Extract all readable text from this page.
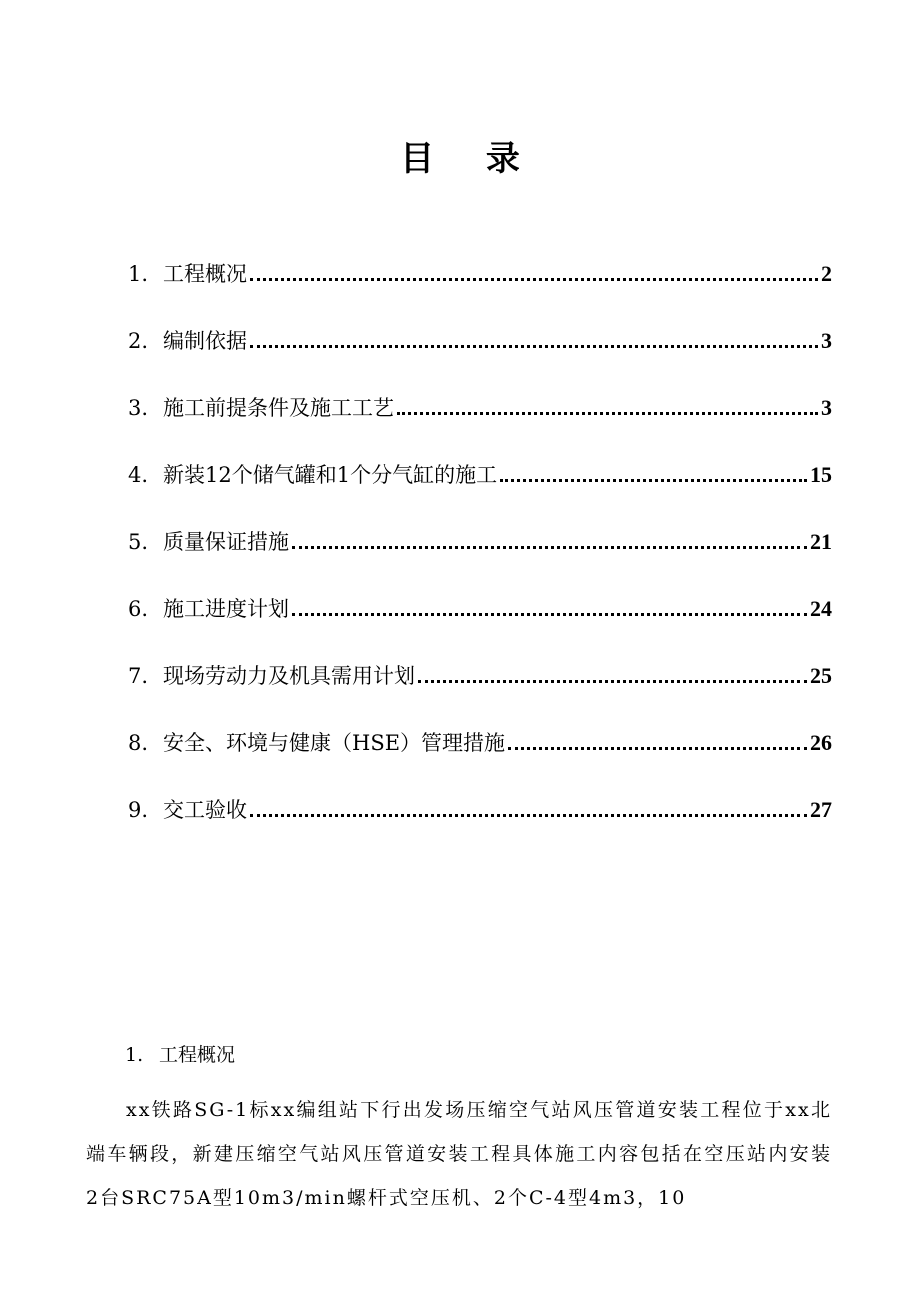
目 录
1. 工程概况	2
2. 编制依据	3
3. 施工前提条件及施工工艺	3
4. 新装12个储气罐和1个分气缸的施工	15
5. 质量保证措施	21
6. 施工进度计划	24
7. 现场劳动力及机具需用计划	25
8. 安全、环境与健康（HSE）管理措施	26
9. 交工验收	27
1. 工程概况

xx铁路SG-1标xx编组站下行出发场压缩空气站风压管道安装工程位于xx北端车辆段，新建压缩空气站风压管道安装工程具体施工内容包括在空压站内安装2台SRC75A型10m3/min螺杆式空压机、2个C-4型4m3，10
